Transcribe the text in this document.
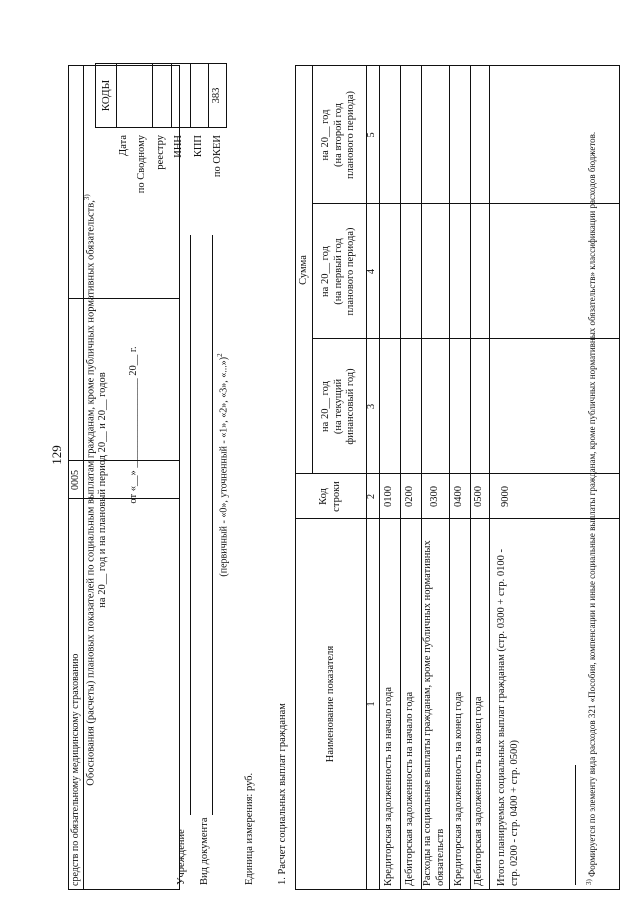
129
средств по обязательному медицинскому страхованию
0005 Обоснования (расчеты) плановых показателей по социальным выплатам гражданам, кроме публичных нормативных обязательств,$^{3)}$
на 20__ год и на плановый период 20__ и 20__ годов от «__» _________________ 20__ г.
Учреждение Вид документа
(первичный - «0», уточненный - «1», «2», «3», «...»)$^2$
Единица измерения: руб.
Дата по Сводному реестру ИНН КПП по ОКЕИ
КОДЫ	383
1. Расчет социальных выплат гражданам	Наименование показателя
Код строки
Сумма
на 20__ год (на текущий финансовый год)
на 20__ год (на первый год планового периода)
на 20__ год (на второй год планового периода)
1
2
3
4
5
Кредиторская задолженность на начало года
0100
Дебиторская задолженность на начало года
0200
Расходы на социальные выплаты гражданам, кроме публичных нормативных обязательств
0300
Кредиторская задолженность на конец года
0400
Дебиторская задолженность на конец года
0500
Итого планируемых социальных выплат гражданам (стр. 0300 + стр. 0100 - стр. 0200 - стр. 0400 + стр. 0500)
9000
$^{3)}$ Формируется по элементу вида расходов 321 «Пособия, компенсации и иные социальные выплаты гражданам, кроме публичных нормативных обязательств» классификации расходов бюджетов.
